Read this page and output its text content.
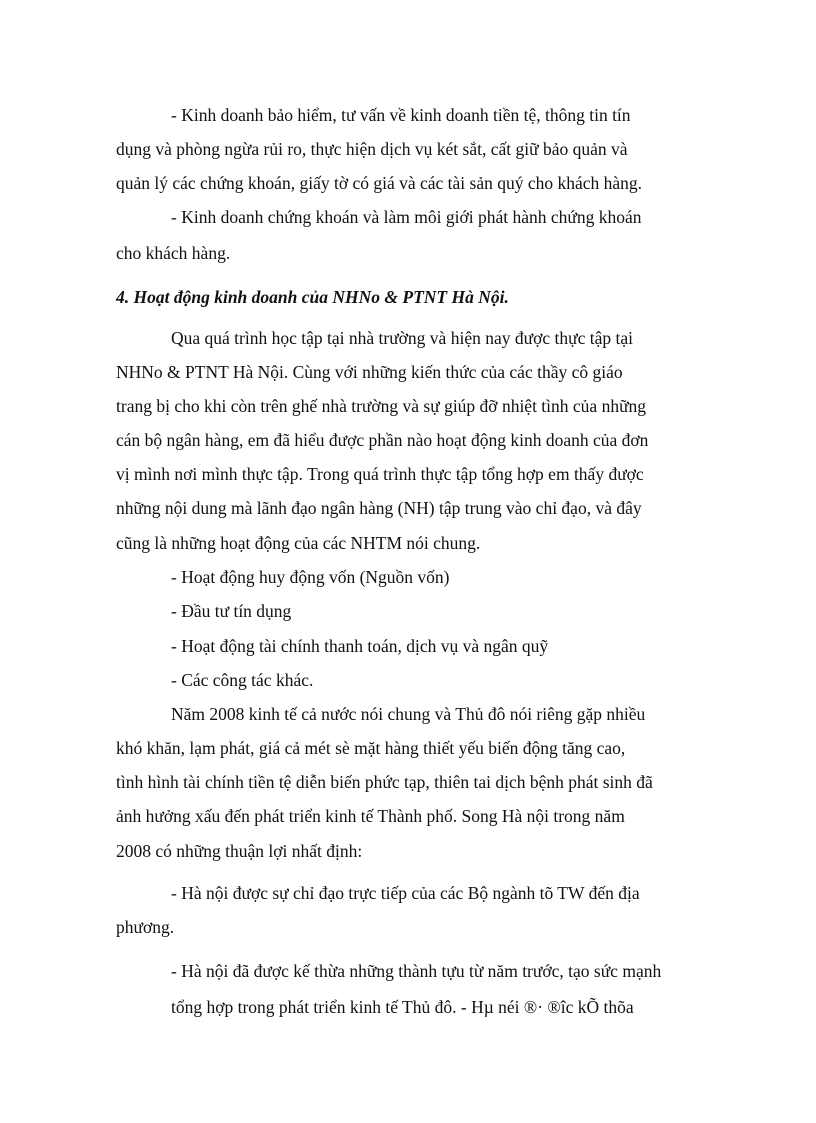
- Kinh doanh bảo hiểm, tư vấn về kinh doanh tiền tệ, thông tin tín
dụng và phòng ngừa rủi ro, thực hiện dịch vụ két sắt, cất giữ bảo quản và
quản lý các chứng khoán, giấy tờ có giá và các tài sản quý cho khách hàng.
- Kinh doanh chứng khoán và làm môi giới phát hành chứng khoán
cho khách hàng.
4. Hoạt động kinh doanh của NHNo & PTNT Hà Nội.
Qua quá trình học tập tại nhà trường và hiện nay được thực tập tại
NHNo & PTNT Hà Nội. Cùng với những kiến thức của các thầy cô giáo
trang bị cho khi còn trên ghế nhà trường và sự giúp đỡ nhiệt tình của những
cán bộ ngân hàng, em đã hiểu được phần nào hoạt động kinh doanh của đơn
vị mình nơi mình thực tập. Trong quá trình thực tập tổng hợp em thấy được
những nội dung mà lãnh đạo ngân hàng (NH) tập trung vào chỉ đạo, và đây
cũng là những hoạt động của các NHTM nói chung.
- Hoạt động huy động vốn (Nguồn vốn)
- Đầu tư tín dụng
- Hoạt động tài chính thanh toán, dịch vụ và ngân quỹ
- Các công tác khác.
Năm 2008 kinh tế cả nước nói chung và Thủ đô nói riêng gặp nhiều
khó khăn, lạm phát, giá cả mét sè mặt hàng thiết yếu biến động tăng cao,
tình hình tài chính tiền tệ diễn biến phức tạp, thiên tai dịch bệnh phát sinh đã
ảnh hưởng xấu đến phát triển kinh tế Thành phố. Song Hà nội trong năm
2008 có những thuận lợi nhất định:
- Hà nội được sự chỉ đạo trực tiếp của các Bộ ngành tõ TW đến địa
phương.
- Hà nội đã được kế thừa những thành tựu từ năm trước, tạo sức mạnh
tổng hợp trong phát triển kinh tế Thủ đô. - Hµ néi ®· ®îc kÕ thõa
